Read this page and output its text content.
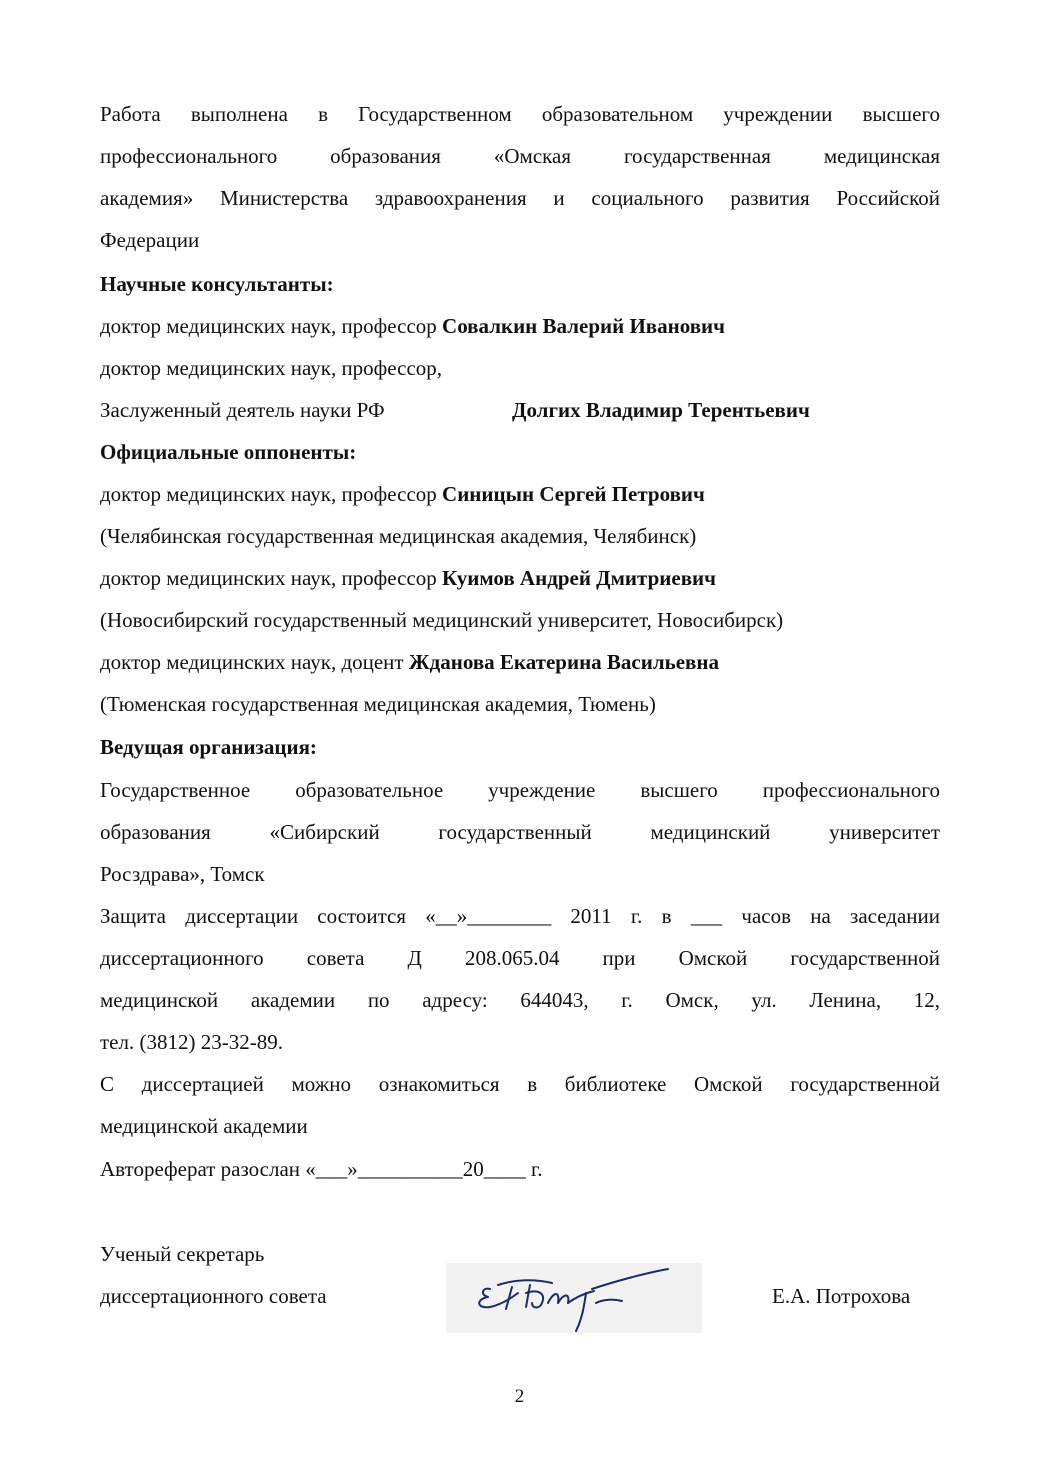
Работа выполнена в Государственном образовательном учреждении высшего
профессионального образования «Омская государственная медицинская
академия» Министерства здравоохранения и социального развития Российской
Федерации
Научные консультанты:
доктор медицинских наук, профессор Совалкин Валерий Иванович
доктор медицинских наук, профессор,
Заслуженный деятель науки РФ	Долгих Владимир Терентьевич
Официальные оппоненты:
доктор медицинских наук, профессор Синицын Сергей Петрович
(Челябинская государственная медицинская академия, Челябинск)
доктор медицинских наук, профессор Куимов Андрей Дмитриевич
(Новосибирский государственный медицинский университет, Новосибирск)
доктор медицинских наук, доцент Жданова Екатерина Васильевна
(Тюменская государственная медицинская академия, Тюмень)
Ведущая организация:
Государственное образовательное учреждение высшего профессионального
образования «Сибирский государственный медицинский университет
Росздрава», Томск
Защита диссертации состоится «__»________ 2011 г. в ___ часов на заседании
диссертационного совета Д 208.065.04 при Омской государственной
медицинской академии по адресу: 644043, г. Омск, ул. Ленина, 12,
тел. (3812) 23-32-89.
С диссертацией можно ознакомиться в библиотеке Омской государственной
медицинской академии
Автореферат разослан «___»__________20____ г.
Ученый секретарь
диссертационного совета	Е.А. Потрохова
2
